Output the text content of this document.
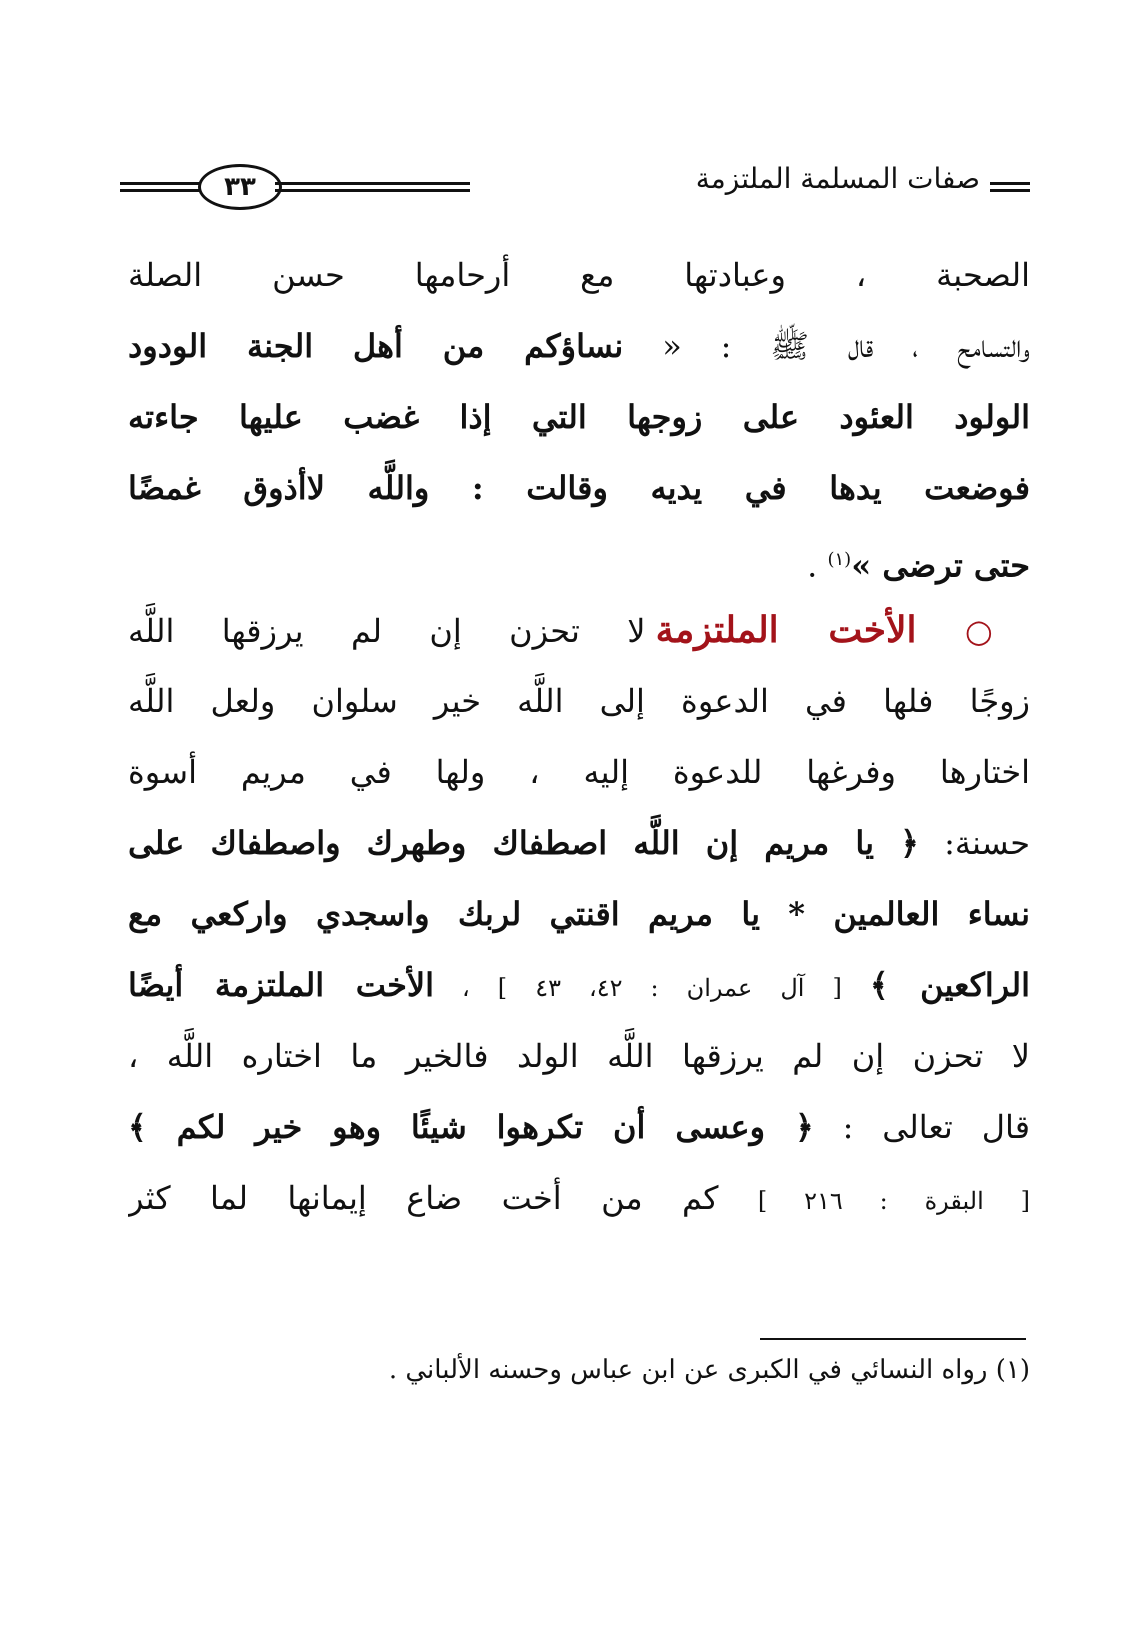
٣٣	صفات المسلمة الملتزمة
الصحبة ، وعبادتها مع أرحامها حسن الصلة
والتسامح ، قال ﷺ : « نساؤكم من أهل الجنة الودود
الولود العئود على زوجها التي إذا غضب عليها جاءته
فوضعت يدها في يديه وقالت : واللَّه لاأذوق غمضًا
حتى ترضى »$^{(١)}$ .
○ الأخت الملتزمة لا تحزن إن لم يرزقها اللَّه
زوجًا فلها في الدعوة إلى اللَّه خير سلوان ولعل اللَّه
اختارها وفرغها للدعوة إليه ، ولها في مريم أسوة
حسنة: ﴿ يا مريم إن اللَّه اصطفاك وطهرك واصطفاك على
نساء العالمين * يا مريم اقنتي لربك واسجدي واركعي مع
الراكعين ﴾ [ آل عمران : ٤٢، ٤٣ ] ، الأخت الملتزمة أيضًا
لا تحزن إن لم يرزقها اللَّه الولد فالخير ما اختاره اللَّه ،
قال تعالى : ﴿ وعسى أن تكرهوا شيئًا وهو خير لكم ﴾
[ البقرة : ٢١٦ ] كم من أخت ضاع إيمانها لما كثر
(١) رواه النسائي في الكبرى عن ابن عباس وحسنه الألباني .
